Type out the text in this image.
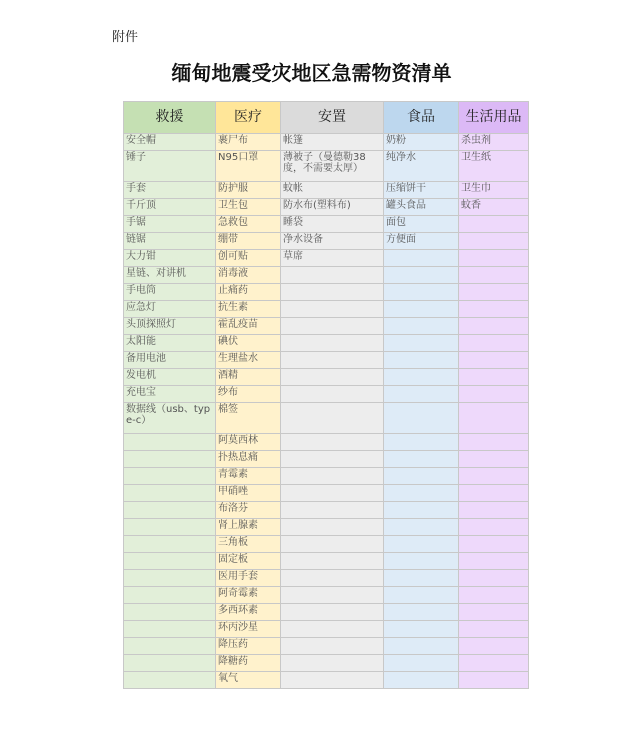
附件
缅甸地震受灾地区急需物资清单
救援	医疗	安置	食品	生活用品
安全帽	裹尸布	帐篷	奶粉	杀虫剂
锤子	N95口罩	薄被子（曼德勒38度，不需要太厚）	纯净水	卫生纸
手套	防护服	蚊帐	压缩饼干	卫生巾
千斤顶	卫生包	防水布(塑料布)	罐头食品	蚊香
手锯	急救包	睡袋	面包	
链锯	绷带	净水设备	方便面	
大力钳	创可贴	草席		
星链、对讲机	消毒液			
手电筒	止痛药			
应急灯	抗生素			
头顶探照灯	霍乱疫苗			
太阳能	碘伏			
备用电池	生理盐水			
发电机	酒精			
充电宝	纱布			
数据线（usb、type-c）	棉签			
	阿莫西林			
	扑热息痛			
	青霉素			
	甲硝唑			
	布洛芬			
	肾上腺素			
	三角板			
	固定板			
	医用手套			
	阿奇霉素			
	多西环素			
	环丙沙星			
	降压药			
	降糖药			
	氧气			
